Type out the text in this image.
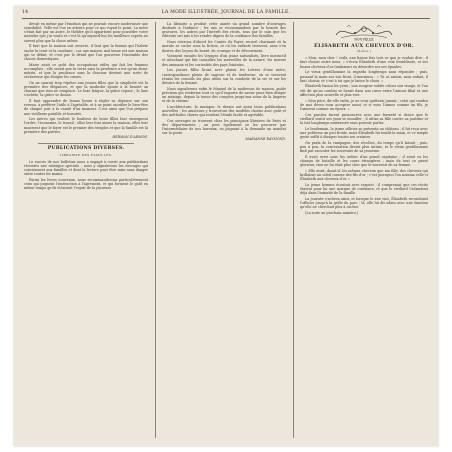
14	LA MODE ILLUSTRÉE, JOURNAL DE LA FAMILLE.

devait en même par l'émotion qui ne pouvait encore moderniser une sensibilité. Telle est l'on en attente pour ce qui voyait le point. La mère s'était fait par un autre, le théâtre qu'il appartient pour posséder votre moindre que j'ai voulu et c'est là qu'aujourd'hui les meilleurs esprits ne savent plus que la chose même.

Il faut que la maison soit ouverte, il faut que la femme qui l'habite sache la tenir et la conduire ; car une maison mal tenue est une maison qui se défait, et c'est par le détail que l'on gouverne l'ensemble des choses domestiques.

Marie avait ce goût des occupations utiles qui fait les femmes accomplies ; elle savait que la vertu sans la prudence n'est qu'un demi-mérite, et que la prudence sans la douceur devient une sorte de sécheresse qui éloigne les cœurs.

On ne saurait trop répéter aux jeunes filles que la simplicité est la première des élégances, et que la modestie ajoute à la beauté un charme que rien ne remplace. Le luxe fatigue, la grâce repose ; le luxe s'achète, la grâce se donne.

Il faut apprendre de bonne heure à régler sa dépense sur son revenu, à préférer l'utile à l'agréable, et à ne point sacrifier le bien-être de chaque jour à la vanité d'un moment. C'est ainsi que l'on prépare une vieillesse paisible et honorée.

Les mères qui veulent le bonheur de leurs filles leur enseignent l'ordre, l'économie, le travail ; elles leur font aimer la maison, elles leur montrent que le foyer est le premier des temples et que la famille est la première des patries.

HERMAN D'ARMON.
PUBLICATIONS DIVERSES.
LIBRAIRIE DES FAMILLES.

Le succès de nos bulletins nous a engagé à ouvrir aux publications récentes une rubrique spéciale ; nous y signalerons les ouvrages qui conviennent aux familles et dont la lecture peut être mise sans danger entre toutes les mains.

Parmi les livres nouveaux, nous recommanderons particulièrement ceux qui joignent l'instruction à l'agrément, et qui forment le goût en même temps qu'ils éclairent l'esprit de la jeunesse.

La librairie a produit cette année un grand nombre d'ouvrages destinés à l'enfance ; les uns se recommandent par la beauté des gravures, les autres par l'intérêt des récits, tous par le soin que les éditeurs ont mis à les rendre dignes de la confiance des familles.

Nous citerons d'abord les Contes du Foyer, recueil charmant où la morale se cache sous la fiction, et où les enfants trouvent, sans s'en douter, des leçons de bonté, de courage et de dévouement.

Viennent ensuite les Voyages d'un jeune naturaliste, livre instructif et attachant qui fait connaître les merveilles de la nature, les mœurs des animaux et les curiosités des pays lointains.

Les jeunes filles liront avec plaisir les Lettres d'une mère, correspondance pleine de sagesse et de tendresse, où se trouvent réunis les conseils les plus utiles sur la conduite de la vie et sur les devoirs de la femme.

Nous signalerons enfin le Manuel de la maîtresse de maison, guide précieux qui renferme tout ce qu'il importe de savoir pour bien diriger un ménage, depuis la tenue des comptes jusqu'aux soins de la lingerie et de la cuisine.

L'architecture, la musique, le dessin ont aussi leurs publications nouvelles ; les amateurs y trouveront des modèles choisis avec goût et des méthodes claires qui rendent l'étude facile et agréable.

Ces ouvrages se trouvent chez les principaux libraires de Paris et des départements ; on peut également se les procurer par l'intermédiaire de nos bureaux, en joignant à la demande un mandat sur la poste.

MARIANNE RAYMOND.
NOUVELLE
ÉLISABETH AUX CHEVEUX D'OR.
(Suite.)

« Mon, mon cher ! voilà, une bonne fois tout ce que je voulais dire ; il faut choisir entre nous, » s'écria Élisabeth d'une voix tremblante, et ses beaux cheveux d'or tombaient en désordre sur ses épaules.

Le vieux gentilhomme la regarda longtemps sans répondre ; puis, passant la main sur son front, il murmura : « Tu as raison, mon enfant, il faut choisir, et c'est à toi que je laisse le choix. »

Élisabeth baissa les yeux ; une rougeur subite colora son visage, et l'on eût dit qu'un combat se livrait dans son cœur entre l'amour filial et une affection plus nouvelle et plus vive.

« Mon père, dit-elle enfin, je ne vous quitterai jamais ; celui qui voudra de moi devra vous accepter aussi, et si vous l'aimez comme un fils, je l'aimerai comme un époux. »

Ces paroles furent prononcées avec une fermeté si douce que le vieillard sentit ses yeux se mouiller ; il attira sa fille contre sa poitrine et la tint longtemps embrassée sans pouvoir parler.

Le lendemain, le jeune officier se présenta au château ; il fut reçu avec une politesse un peu froide, mais Élisabeth lui tendit la main, et ce simple geste suffit à dissiper toutes ses craintes.

On parla de la campagne, des récoltes, du temps qu'il faisait ; puis, peu à peu, la conversation devint plus intime, et le vieux gentilhomme finit par raconter les souvenirs de sa jeunesse.

Il avait servi sous les ordres d'un grand capitaine ; il avait vu les champs de bataille et les cours étrangères ; mais de tout ce passé glorieux, rien ne lui était plus cher que le souvenir de sa femme.

« Elle avait, disait-il, les mêmes cheveux que ma fille, des cheveux qui brillaient au soleil comme des fils d'or ; c'est pourquoi l'on nomma celle-ci Élisabeth aux cheveux d'or. »

Le jeune homme écoutait avec respect ; il comprenait que ces récits étaient pour lui une marque de confiance, et que le vieillard l'admettait déjà dans l'intimité de la famille.

La journée s'acheva ainsi, et lorsque le soir vint, Élisabeth reconduisit l'officier jusqu'à la grille du parc ; là, elle lui dit adieu avec une émotion qu'elle ne cherchait plus à cacher.

(La suite au prochain numéro.)
